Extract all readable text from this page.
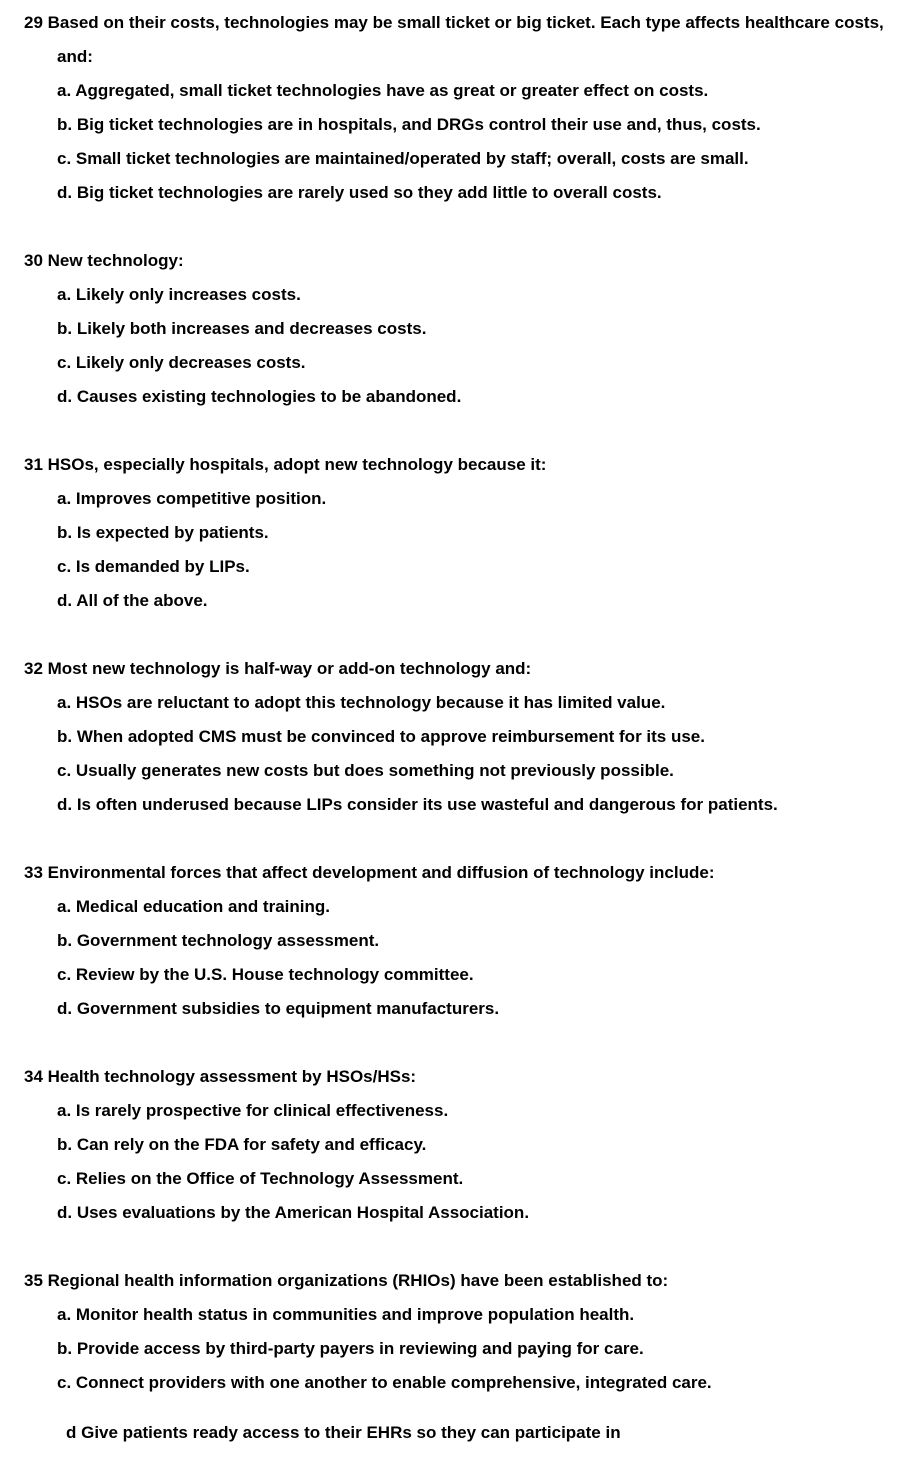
29 Based on their costs, technologies may be small ticket or big ticket. Each type affects healthcare costs,
and:
a. Aggregated, small ticket technologies have as great or greater effect on costs.
b. Big ticket technologies are in hospitals, and DRGs control their use and, thus, costs.
c. Small ticket technologies are maintained/operated by staff; overall, costs are small.
d. Big ticket technologies are rarely used so they add little to overall costs.
30 New technology:
a. Likely only increases costs.
b. Likely both increases and decreases costs.
c. Likely only decreases costs.
d. Causes existing technologies to be abandoned.
31 HSOs, especially hospitals, adopt new technology because it:
a. Improves competitive position.
b. Is expected by patients.
c. Is demanded by LIPs.
d. All of the above.
32 Most new technology is half-way or add-on technology and:
a. HSOs are reluctant to adopt this technology because it has limited value.
b. When adopted CMS must be convinced to approve reimbursement for its use.
c. Usually generates new costs but does something not previously possible.
d. Is often underused because LIPs consider its use wasteful and dangerous for patients.
33 Environmental forces that affect development and diffusion of technology include:
a. Medical education and training.
b. Government technology assessment.
c. Review by the U.S. House technology committee.
d. Government subsidies to equipment manufacturers.
34 Health technology assessment by HSOs/HSs:
a. Is rarely prospective for clinical effectiveness.
b. Can rely on the FDA for safety and efficacy.
c. Relies on the Office of Technology Assessment.
d. Uses evaluations by the American Hospital Association.
35 Regional health information organizations (RHIOs) have been established to:
a. Monitor health status in communities and improve population health.
b. Provide access by third-party payers in reviewing and paying for care.
c. Connect providers with one another to enable comprehensive, integrated care.
d Give patients ready access to their EHRs so they can participate in
